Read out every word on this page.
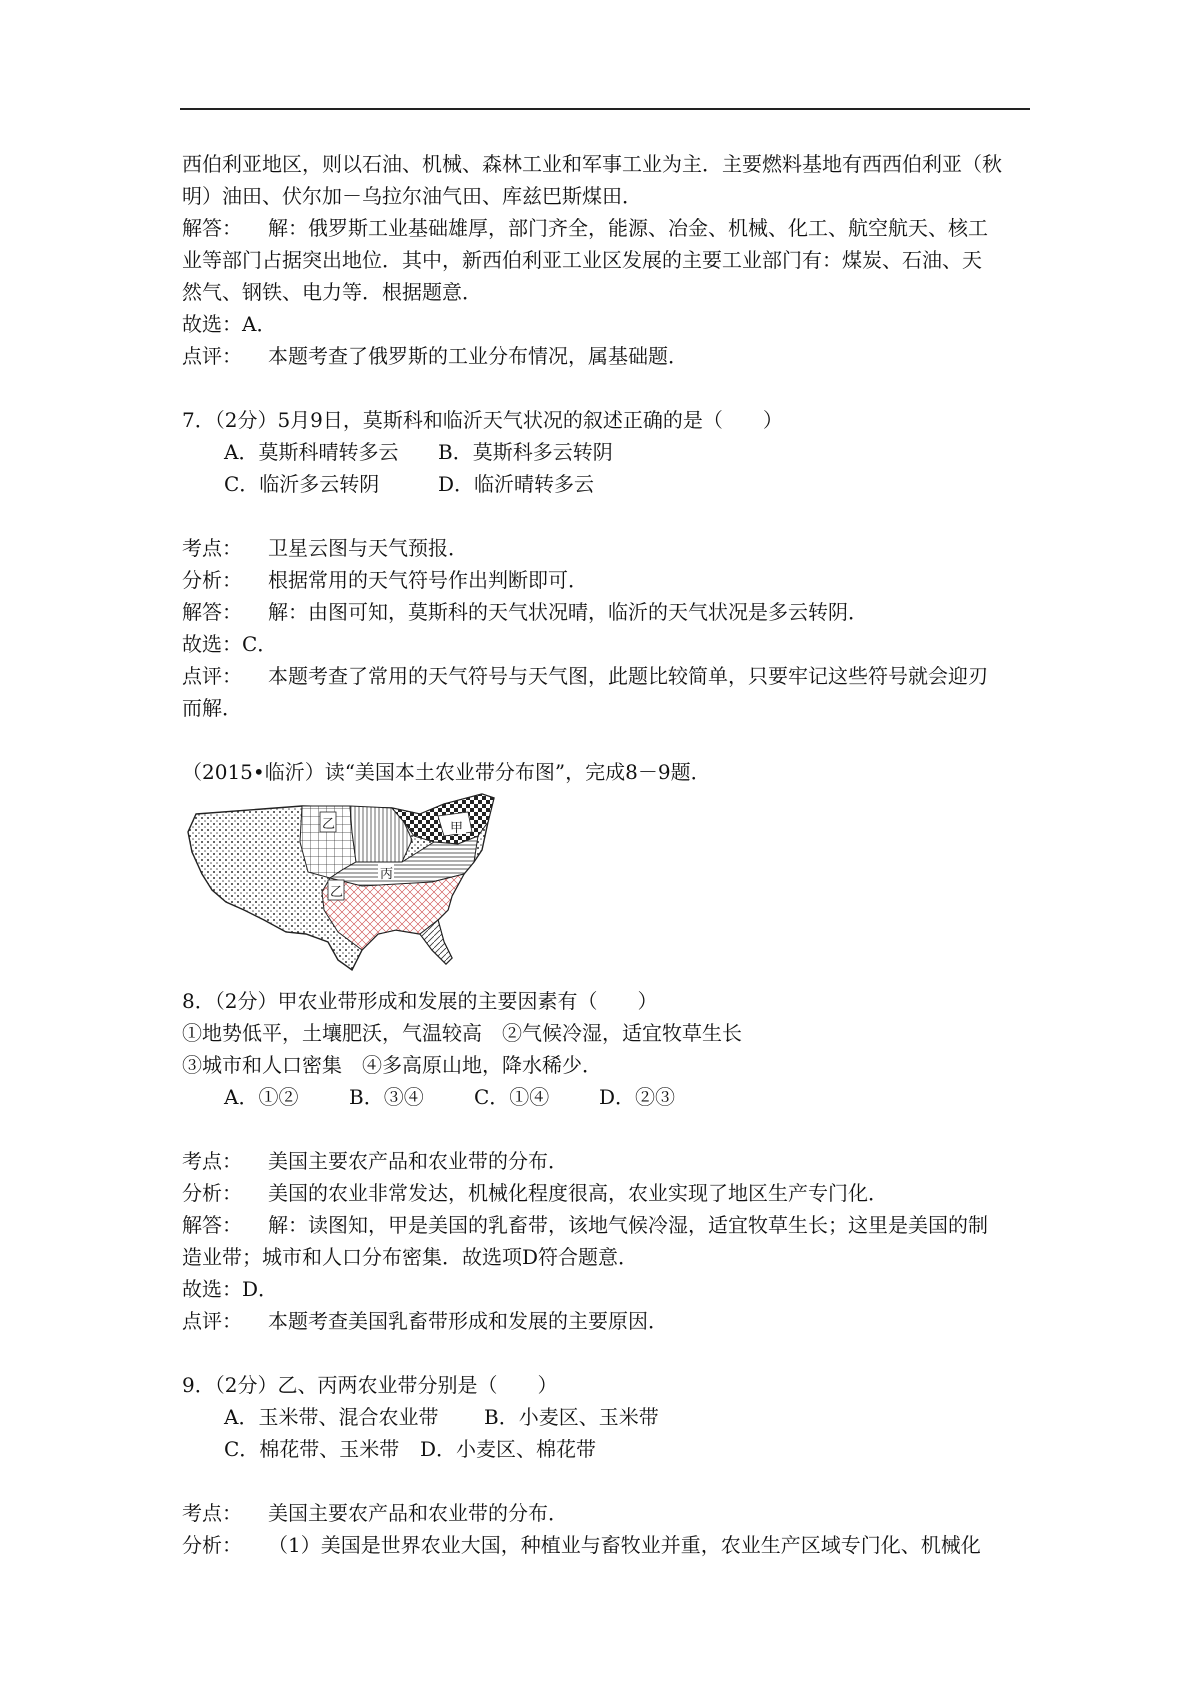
西伯利亚地区，则以石油、机械、森林工业和军事工业为主．主要燃料基地有西西伯利亚（秋
明）油田、伏尔加－乌拉尔油气田、库兹巴斯煤田．
解答： 解：俄罗斯工业基础雄厚，部门齐全，能源、冶金、机械、化工、航空航天、核工
业等部门占据突出地位．其中，新西伯利亚工业区发展的主要工业部门有：煤炭、石油、天
然气、钢铁、电力等．根据题意．
故选：A．
点评： 本题考查了俄罗斯的工业分布情况，属基础题．
7．（2分）5月9日，莫斯科和临沂天气状况的叙述正确的是（　　）
A．莫斯科晴转多云 B．莫斯科多云转阴
C．临沂多云转阴	D．临沂晴转多云
考点： 卫星云图与天气预报．
分析： 根据常用的天气符号作出判断即可．
解答： 解：由图可知，莫斯科的天气状况晴，临沂的天气状况是多云转阴．
故选：C．
点评： 本题考查了常用的天气符号与天气图，此题比较简单，只要牢记这些符号就会迎刃
而解．
（2015•临沂）读“美国本土农业带分布图”，完成8－9题．
乙	甲
乙
丙
8．（2分）甲农业带形成和发展的主要因素有（　　）
①地势低平，土壤肥沃，气温较高　②气候冷湿，适宜牧草生长
③城市和人口密集　④多高原山地，降水稀少．
A．①②	B．③④	C．①④ D．②③
考点： 美国主要农产品和农业带的分布．
分析： 美国的农业非常发达，机械化程度很高，农业实现了地区生产专门化．
解答： 解：读图知，甲是美国的乳畜带，该地气候冷湿，适宜牧草生长；这里是美国的制
造业带；城市和人口分布密集．故选项D符合题意．
故选：D．
点评： 本题考查美国乳畜带形成和发展的主要原因．
9．（2分）乙、丙两农业带分别是（　　）
A．玉米带、混合农业带 B．小麦区、玉米带
C．棉花带、玉米带 D．小麦区、棉花带
考点： 美国主要农产品和农业带的分布．
分析： （1）美国是世界农业大国，种植业与畜牧业并重，农业生产区域专门化、机械化
